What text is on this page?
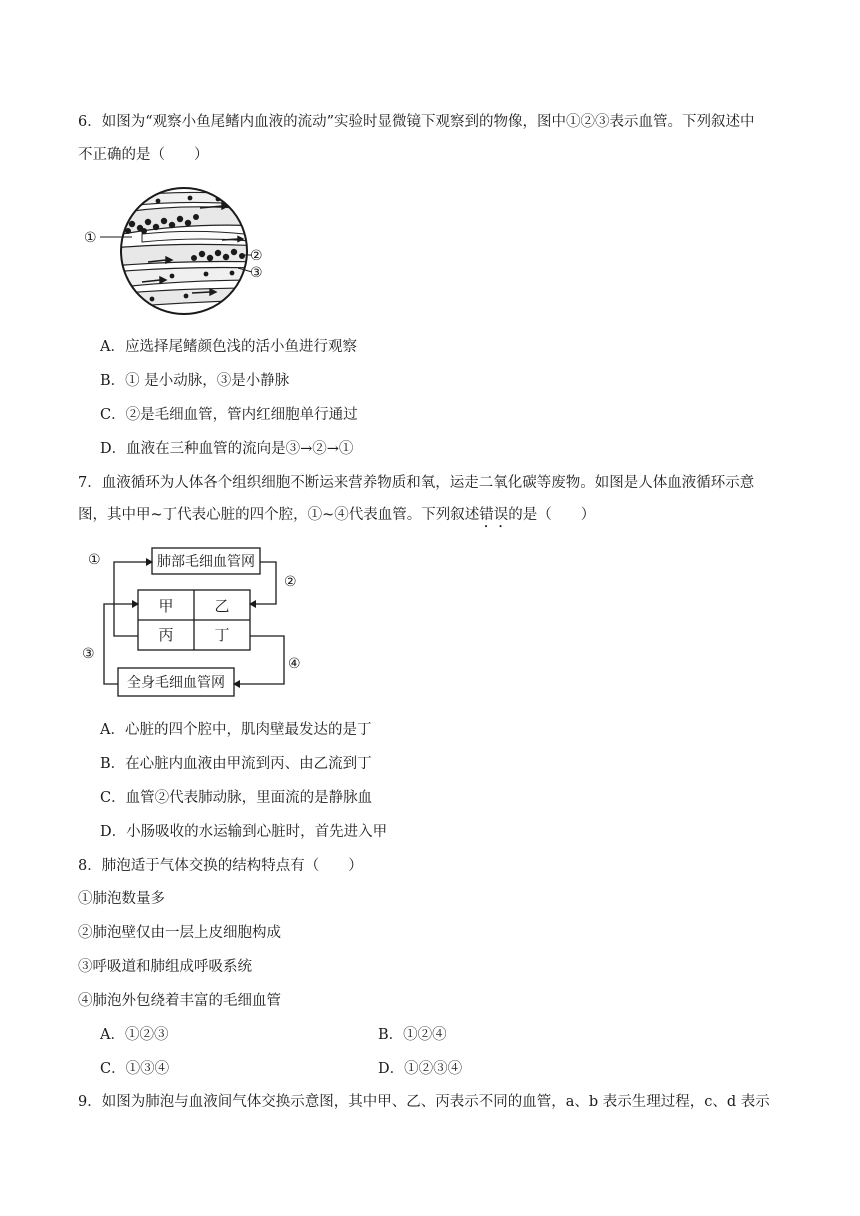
6．如图为“观察小鱼尾鳍内血液的流动”实验时显微镜下观察到的物像，图中①②③表示血管。下列叙述中
不正确的是（　　）
①
②
③
A．应选择尾鳍颜色浅的活小鱼进行观察
B．① 是小动脉，③是小静脉
C．②是毛细血管，管内红细胞单行通过
D．血液在三种血管的流向是③→②→①
7．血液循环为人体各个组织细胞不断运来营养物质和氧，运走二氧化碳等废物。如图是人体血液循环示意
图，其中甲~丁代表心脏的四个腔，①~④代表血管。下列叙述错误的是（　　）
肺部毛细血管网
全身毛细血管网
甲	乙
丙	丁
①
②
③
④
A．心脏的四个腔中，肌肉壁最发达的是丁
B．在心脏内血液由甲流到丙、由乙流到丁
C．血管②代表肺动脉，里面流的是静脉血
D．小肠吸收的水运输到心脏时，首先进入甲
8．肺泡适于气体交换的结构特点有（　　）
①肺泡数量多
②肺泡壁仅由一层上皮细胞构成
③呼吸道和肺组成呼吸系统
④肺泡外包绕着丰富的毛细血管
A．①②③	B．①②④
C．①③④	D．①②③④
9．如图为肺泡与血液间气体交换示意图，其中甲、乙、丙表示不同的血管，a、b 表示生理过程，c、d 表示
